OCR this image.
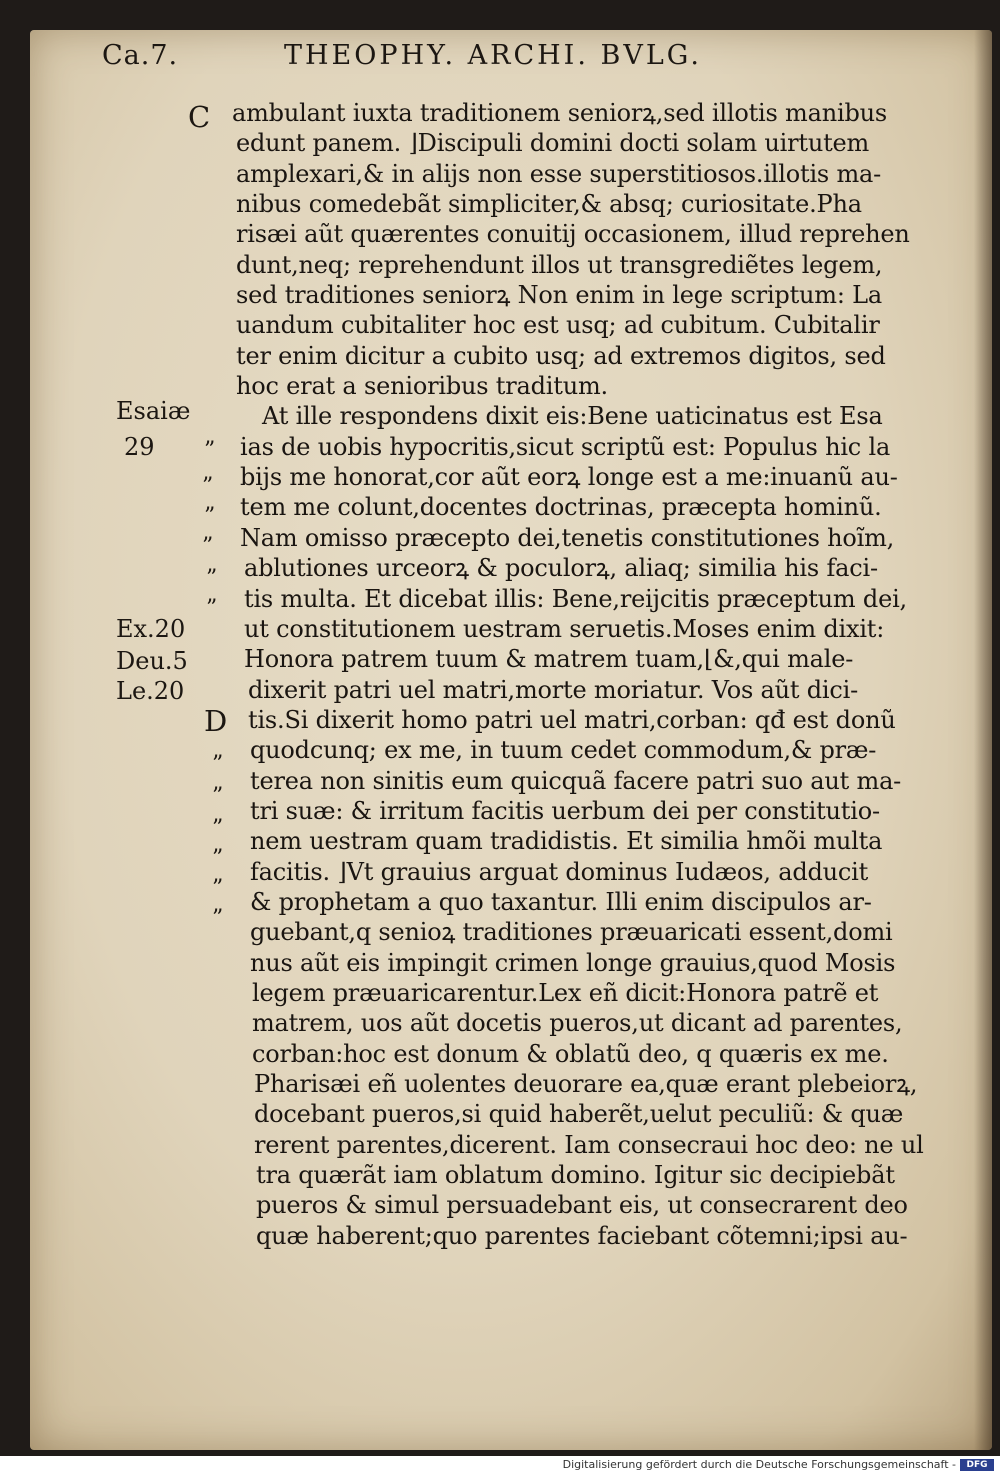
Ca.7.	THEOPHY. ARCHI. BVLG.
C
D
Esaiæ
29
Ex.20
Deu.5
Le.20
”
”
”
”
”
”
”
”
”
”
”
”
ambulant iuxta traditionem seniorꝝ,sed illotis manibus
edunt panem. ⌋Discipuli domini docti solam uirtutem
amplexari,& in alijs non esse superstitiosos.illotis ma-
nibus comedebãt simpliciter,& absq; curiositate.Pha
risæi aũt quærentes conuitij occasionem, illud reprehen
dunt,neq; reprehendunt illos ut transgrediẽtes legem,
sed traditiones seniorꝝ Non enim in lege scriptum: La
uandum cubitaliter hoc est usq; ad cubitum. Cubitalir
ter enim dicitur a cubito usq; ad extremos digitos, sed
hoc erat a senioribus traditum.
At ille respondens dixit eis:Bene uaticinatus est Esa
ias de uobis hypocritis,sicut scriptũ est: Populus hic la
bijs me honorat,cor aũt eorꝝ longe est a me:inuanũ au-
tem me colunt,docentes doctrinas, præcepta hominũ.
Nam omisso præcepto dei,tenetis constitutiones hoĩm,
ablutiones urceorꝝ & poculorꝝ, aliaq; similia his faci-
tis multa. Et dicebat illis: Bene,reijcitis præceptum dei,
ut constitutionem uestram seruetis.Moses enim dixit:
Honora patrem tuum & matrem tuam,⌊&,qui male-
dixerit patri uel matri,morte moriatur. Vos aũt dici-
tis.Si dixerit homo patri uel matri,corban: qđ est donũ
quodcunq; ex me, in tuum cedet commodum,& præ-
terea non sinitis eum quicquã facere patri suo aut ma-
tri suæ: & irritum facitis uerbum dei per constitutio-
nem uestram quam tradidistis. Et similia hmõi multa
facitis. ⌋Vt grauius arguat dominus Iudæos, adducit
& prophetam a quo taxantur. Illi enim discipulos ar-
guebant,q senioꝝ traditiones præuaricati essent,domi
nus aũt eis impingit crimen longe grauius,quod Mosis
legem præuaricarentur.Lex eñ dicit:Honora patrẽ et
matrem, uos aũt docetis pueros,ut dicant ad parentes,
corban:hoc est donum & oblatũ deo, q quæris ex me.
Pharisæi eñ uolentes deuorare ea,quæ erant plebeiorꝝ,
docebant pueros,si quid haberẽt,uelut peculiũ: & quæ
rerent parentes,dicerent. Iam consecraui hoc deo: ne ul
tra quærãt iam oblatum domino. Igitur sic decipiebãt
pueros & simul persuadebant eis, ut consecrarent deo
quæ haberent;quo parentes faciebant cõtemni;ipsi au-
Digitalisierung gefördert durch die Deutsche Forschungsgemeinschaft -	DFG
